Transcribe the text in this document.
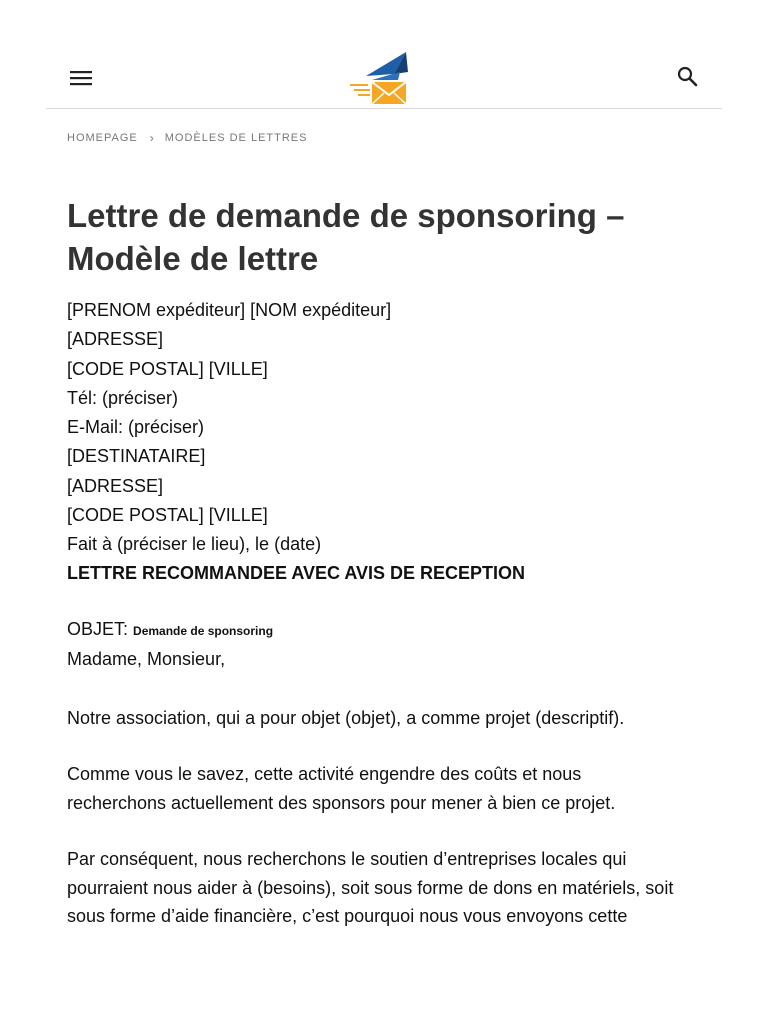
HOMEPAGE › MODÈLES DE LETTRES
Lettre de demande de sponsoring –
Modèle de lettre
[PRENOM expéditeur] [NOM expéditeur]
[ADRESSE]
[CODE POSTAL] [VILLE]
Tél: (préciser)
E-Mail: (préciser)
[DESTINATAIRE]
[ADRESSE]
[CODE POSTAL] [VILLE]
Fait à (préciser le lieu), le (date)
LETTRE RECOMMANDEE AVEC AVIS DE RECEPTION
OBJET: Demande de sponsoring
Madame, Monsieur,

Notre association, qui a pour objet (objet), a comme projet (descriptif).

Comme vous le savez, cette activité engendre des coûts et nous
recherchons actuellement des sponsors pour mener à bien ce projet.

Par conséquent, nous recherchons le soutien d’entreprises locales qui
pourraient nous aider à (besoins), soit sous forme de dons en matériels, soit
sous forme d’aide financière, c’est pourquoi nous vous envoyons cette
